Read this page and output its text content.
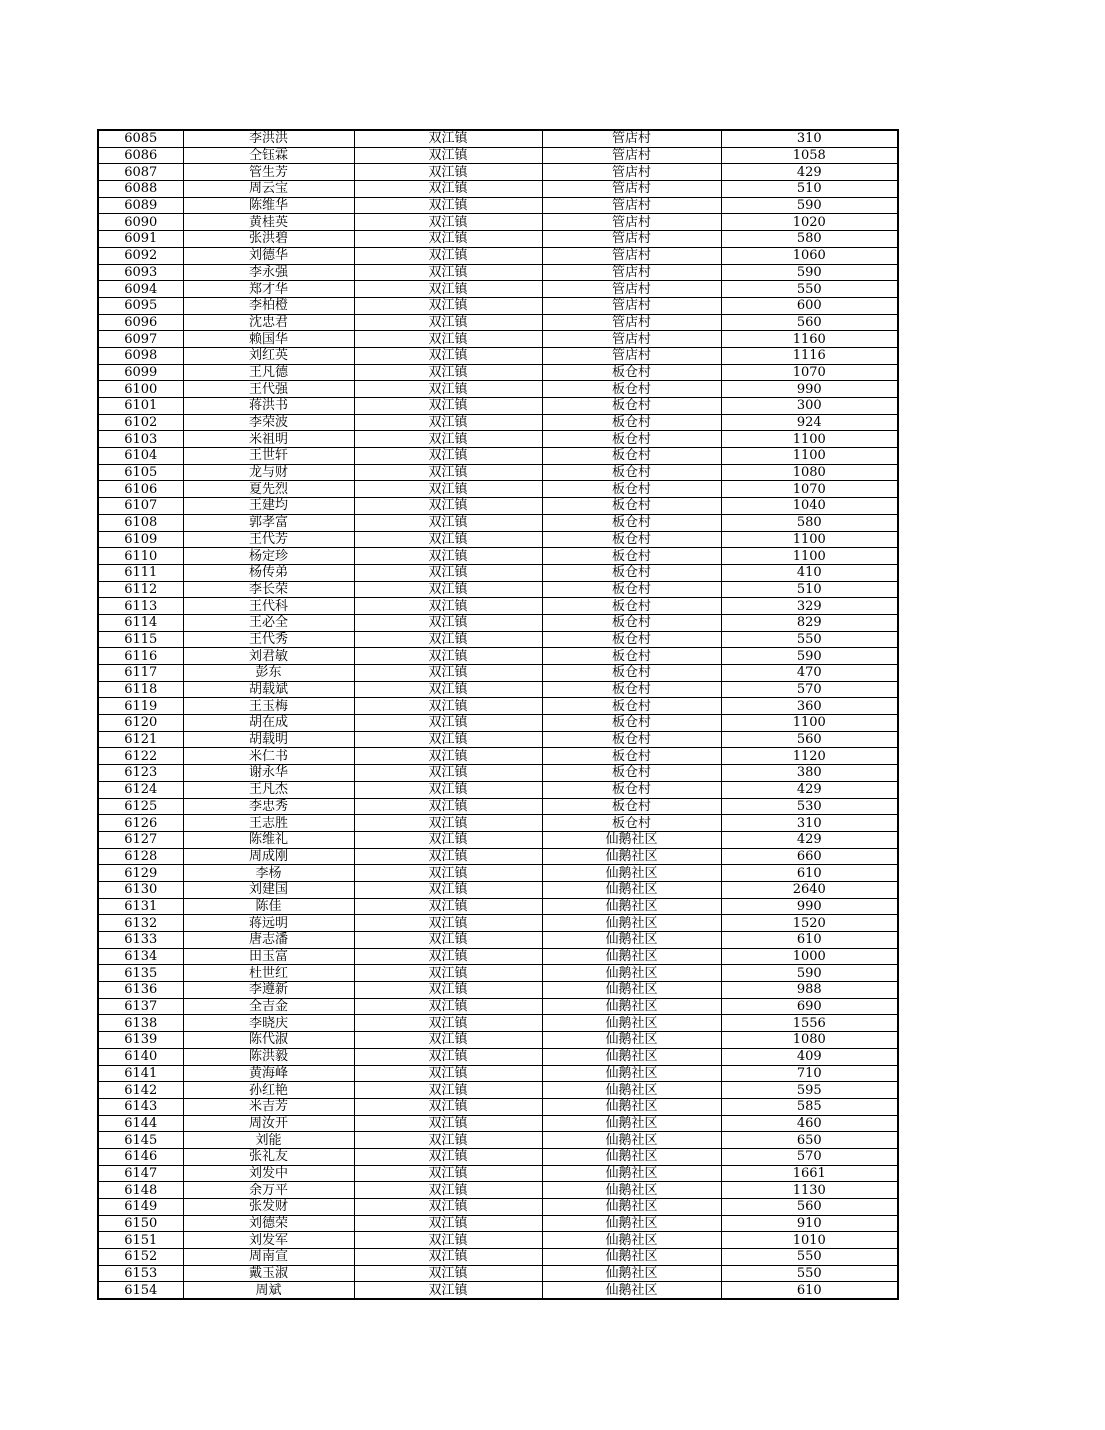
6085	李洪洪	双江镇	管店村	310
6086	仝钰霖	双江镇	管店村	1058
6087	管生芳	双江镇	管店村	429
6088	周云宝	双江镇	管店村	510
6089	陈维华	双江镇	管店村	590
6090	黄桂英	双江镇	管店村	1020
6091	张洪碧	双江镇	管店村	580
6092	刘德华	双江镇	管店村	1060
6093	李永强	双江镇	管店村	590
6094	郑才华	双江镇	管店村	550
6095	李柏橙	双江镇	管店村	600
6096	沈忠君	双江镇	管店村	560
6097	赖国华	双江镇	管店村	1160
6098	刘红英	双江镇	管店村	1116
6099	王凡德	双江镇	板仓村	1070
6100	王代强	双江镇	板仓村	990
6101	蒋洪书	双江镇	板仓村	300
6102	李荣波	双江镇	板仓村	924
6103	米祖明	双江镇	板仓村	1100
6104	王世轩	双江镇	板仓村	1100
6105	龙与财	双江镇	板仓村	1080
6106	夏先烈	双江镇	板仓村	1070
6107	王建均	双江镇	板仓村	1040
6108	郭孝富	双江镇	板仓村	580
6109	王代芳	双江镇	板仓村	1100
6110	杨定珍	双江镇	板仓村	1100
6111	杨传弟	双江镇	板仓村	410
6112	李长荣	双江镇	板仓村	510
6113	王代科	双江镇	板仓村	329
6114	王必全	双江镇	板仓村	829
6115	王代秀	双江镇	板仓村	550
6116	刘君敏	双江镇	板仓村	590
6117	彭东	双江镇	板仓村	470
6118	胡载斌	双江镇	板仓村	570
6119	王玉梅	双江镇	板仓村	360
6120	胡在成	双江镇	板仓村	1100
6121	胡载明	双江镇	板仓村	560
6122	米仁书	双江镇	板仓村	1120
6123	谢永华	双江镇	板仓村	380
6124	王凡杰	双江镇	板仓村	429
6125	李忠秀	双江镇	板仓村	530
6126	王志胜	双江镇	板仓村	310
6127	陈维礼	双江镇	仙鹅社区	429
6128	周成刚	双江镇	仙鹅社区	660
6129	李杨	双江镇	仙鹅社区	610
6130	刘建国	双江镇	仙鹅社区	2640
6131	陈佳	双江镇	仙鹅社区	990
6132	蒋远明	双江镇	仙鹅社区	1520
6133	唐志潘	双江镇	仙鹅社区	610
6134	田玉富	双江镇	仙鹅社区	1000
6135	杜世红	双江镇	仙鹅社区	590
6136	李遵新	双江镇	仙鹅社区	988
6137	全吉金	双江镇	仙鹅社区	690
6138	李晓庆	双江镇	仙鹅社区	1556
6139	陈代淑	双江镇	仙鹅社区	1080
6140	陈洪毅	双江镇	仙鹅社区	409
6141	黄海峰	双江镇	仙鹅社区	710
6142	孙红艳	双江镇	仙鹅社区	595
6143	米吉芳	双江镇	仙鹅社区	585
6144	周汝开	双江镇	仙鹅社区	460
6145	刘能	双江镇	仙鹅社区	650
6146	张礼友	双江镇	仙鹅社区	570
6147	刘发中	双江镇	仙鹅社区	1661
6148	余万平	双江镇	仙鹅社区	1130
6149	张发财	双江镇	仙鹅社区	560
6150	刘德荣	双江镇	仙鹅社区	910
6151	刘发军	双江镇	仙鹅社区	1010
6152	周南宣	双江镇	仙鹅社区	550
6153	戴玉淑	双江镇	仙鹅社区	550
6154	周斌	双江镇	仙鹅社区	610
